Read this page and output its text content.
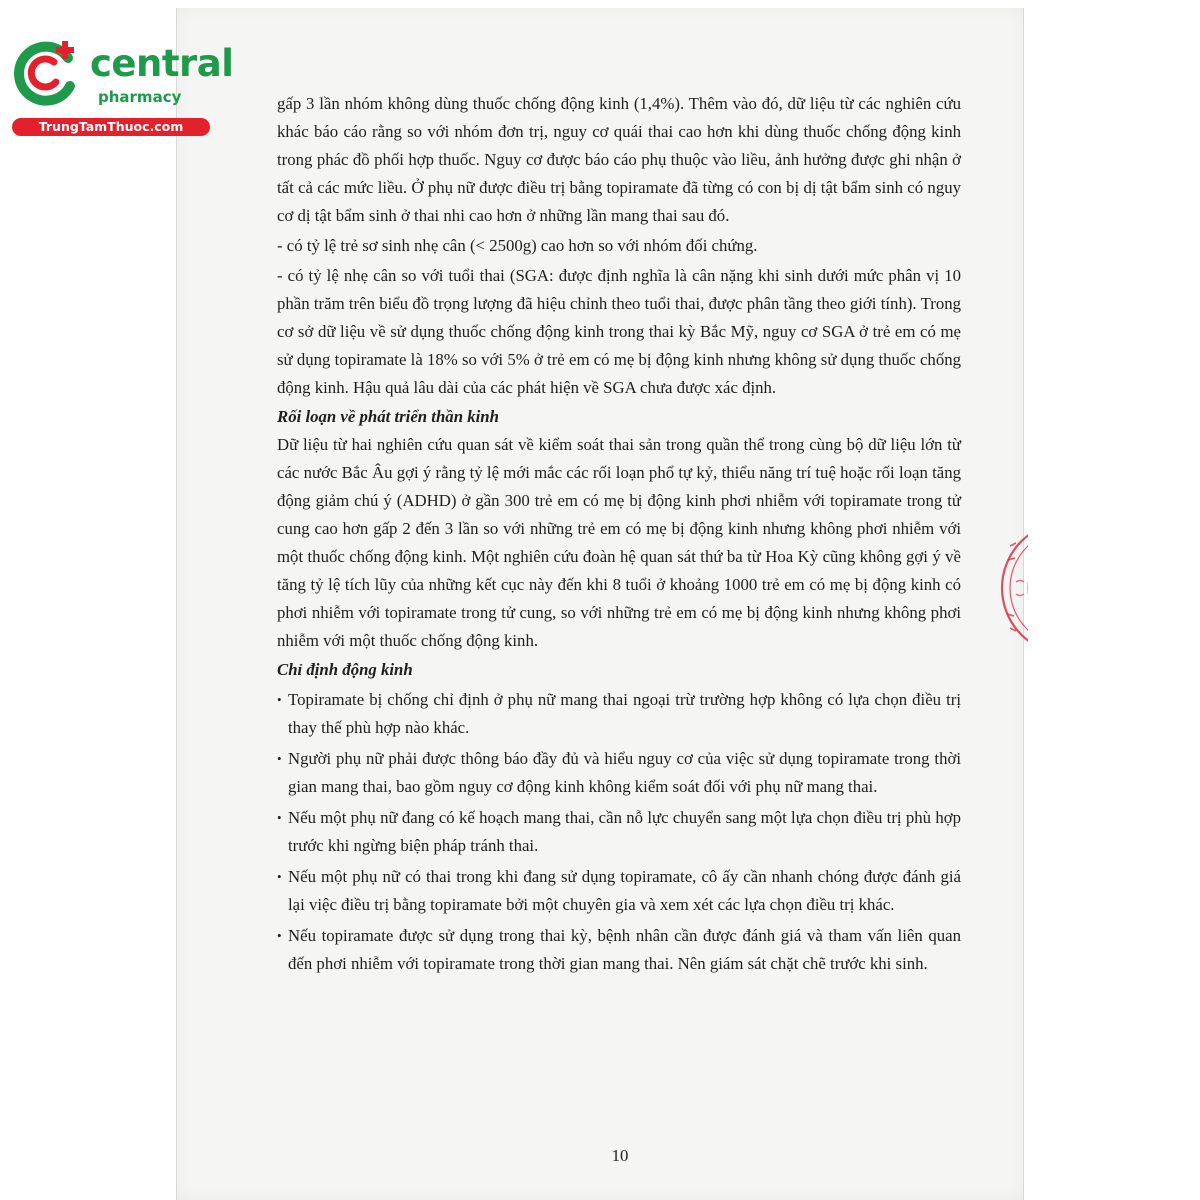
central
pharmacy
TrungTamThuoc.com

gấp 3 lần nhóm không dùng thuốc chống động kinh (1,4%). Thêm vào đó, dữ liệu từ các nghiên cứu khác báo cáo rằng so với nhóm đơn trị, nguy cơ quái thai cao hơn khi dùng thuốc chống động kinh trong phác đồ phối hợp thuốc. Nguy cơ được báo cáo phụ thuộc vào liều, ảnh hưởng được ghi nhận ở tất cả các mức liều. Ở phụ nữ được điều trị bằng topiramate đã từng có con bị dị tật bẩm sinh có nguy cơ dị tật bẩm sinh ở thai nhi cao hơn ở những lần mang thai sau đó.

- có tỷ lệ trẻ sơ sinh nhẹ cân (< 2500g) cao hơn so với nhóm đối chứng.

- có tỷ lệ nhẹ cân so với tuổi thai (SGA: được định nghĩa là cân nặng khi sinh dưới mức phân vị 10 phần trăm trên biểu đồ trọng lượng đã hiệu chỉnh theo tuổi thai, được phân tầng theo giới tính). Trong cơ sở dữ liệu về sử dụng thuốc chống động kinh trong thai kỳ Bắc Mỹ, nguy cơ SGA ở trẻ em có mẹ sử dụng topiramate là 18% so với 5% ở trẻ em có mẹ bị động kinh nhưng không sử dụng thuốc chống động kinh. Hậu quả lâu dài của các phát hiện về SGA chưa được xác định.

Rối loạn về phát triển thần kinh

Dữ liệu từ hai nghiên cứu quan sát về kiểm soát thai sản trong quần thể trong cùng bộ dữ liệu lớn từ các nước Bắc Âu gợi ý rằng tỷ lệ mới mắc các rối loạn phổ tự kỷ, thiểu năng trí tuệ hoặc rối loạn tăng động giảm chú ý (ADHD) ở gần 300 trẻ em có mẹ bị động kinh phơi nhiễm với topiramate trong tử cung cao hơn gấp 2 đến 3 lần so với những trẻ em có mẹ bị động kinh nhưng không phơi nhiễm với một thuốc chống động kinh. Một nghiên cứu đoàn hệ quan sát thứ ba từ Hoa Kỳ cũng không gợi ý về tăng tỷ lệ tích lũy của những kết cục này đến khi 8 tuổi ở khoảng 1000 trẻ em có mẹ bị động kinh có phơi nhiễm với topiramate trong tử cung, so với những trẻ em có mẹ bị động kinh nhưng không phơi nhiễm với một thuốc chống động kinh.

Chỉ định động kinh
• Topiramate bị chống chỉ định ở phụ nữ mang thai ngoại trừ trường hợp không có lựa chọn điều trị thay thế phù hợp nào khác.
• Người phụ nữ phải được thông báo đầy đủ và hiểu nguy cơ của việc sử dụng topiramate trong thời gian mang thai, bao gồm nguy cơ động kinh không kiểm soát đối với phụ nữ mang thai.
• Nếu một phụ nữ đang có kế hoạch mang thai, cần nỗ lực chuyển sang một lựa chọn điều trị phù hợp trước khi ngừng biện pháp tránh thai.
• Nếu một phụ nữ có thai trong khi đang sử dụng topiramate, cô ấy cần nhanh chóng được đánh giá lại việc điều trị bằng topiramate bởi một chuyên gia và xem xét các lựa chọn điều trị khác.
• Nếu topiramate được sử dụng trong thai kỳ, bệnh nhân cần được đánh giá và tham vấn liên quan đến phơi nhiễm với topiramate trong thời gian mang thai. Nên giám sát chặt chẽ trước khi sinh.
10
